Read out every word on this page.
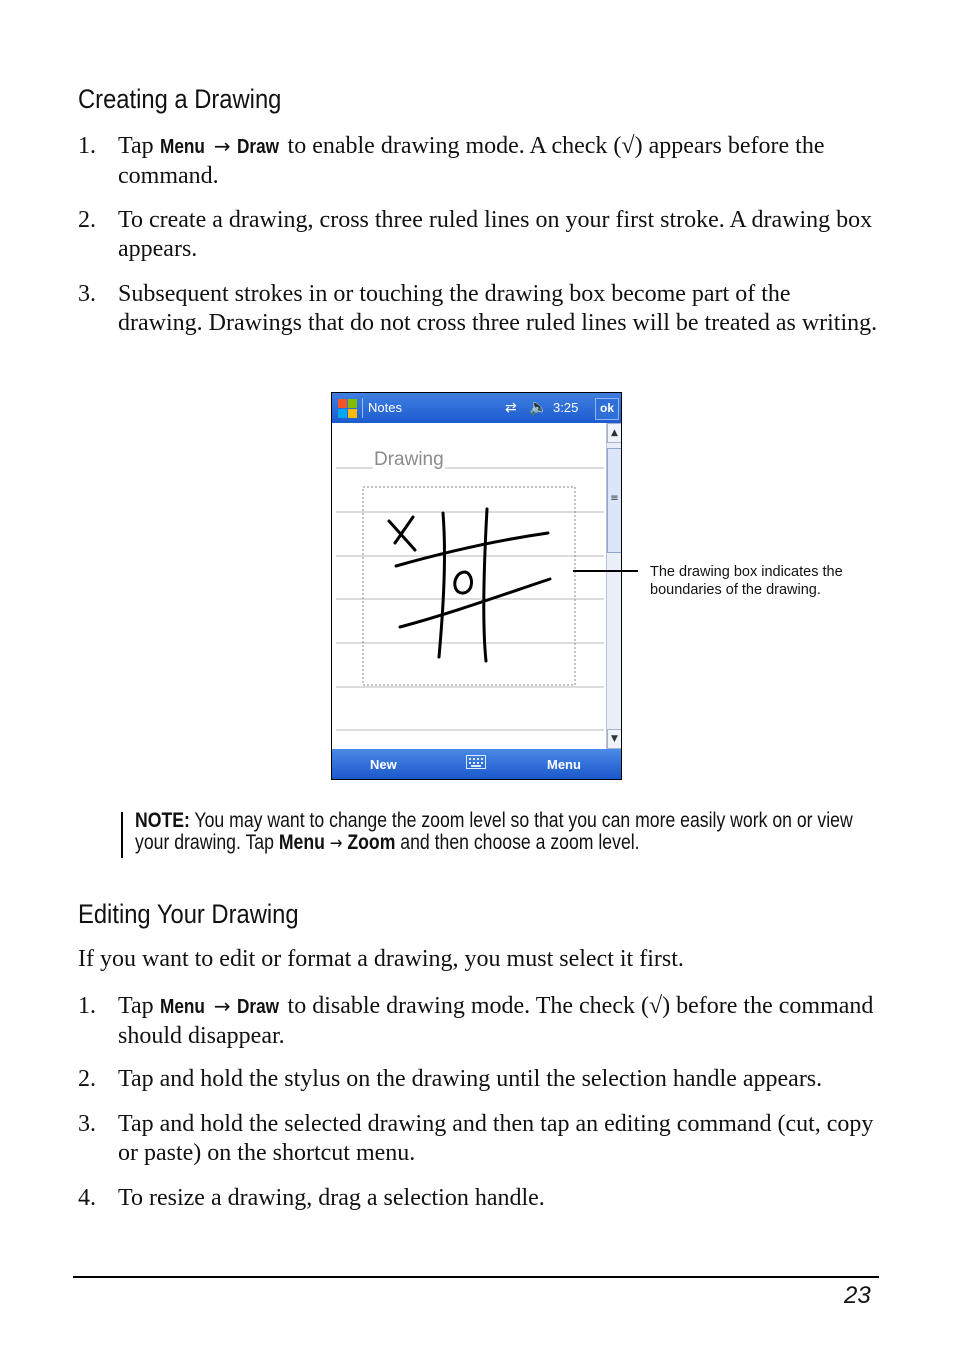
Creating a Drawing
1. Tap Menu → Draw to enable drawing mode. A check (√) appears before the command.
2. To create a drawing, cross three ruled lines on your first stroke. A drawing box appears.
3. Subsequent strokes in or touching the drawing box become part of the drawing. Drawings that do not cross three ruled lines will be treated as writing.
Notes	⇄ 🔈 3:25	ok
Drawing
▲
≡
▼
New	Menu
The drawing box indicates the boundaries of the drawing.
NOTE: You may want to change the zoom level so that you can more easily work on or view your drawing. Tap Menu → Zoom and then choose a zoom level.
Editing Your Drawing
If you want to edit or format a drawing, you must select it first.
1. Tap Menu → Draw to disable drawing mode. The check (√) before the command should disappear.
2. Tap and hold the stylus on the drawing until the selection handle appears.
3. Tap and hold the selected drawing and then tap an editing command (cut, copy or paste) on the shortcut menu.
4. To resize a drawing, drag a selection handle.
23
